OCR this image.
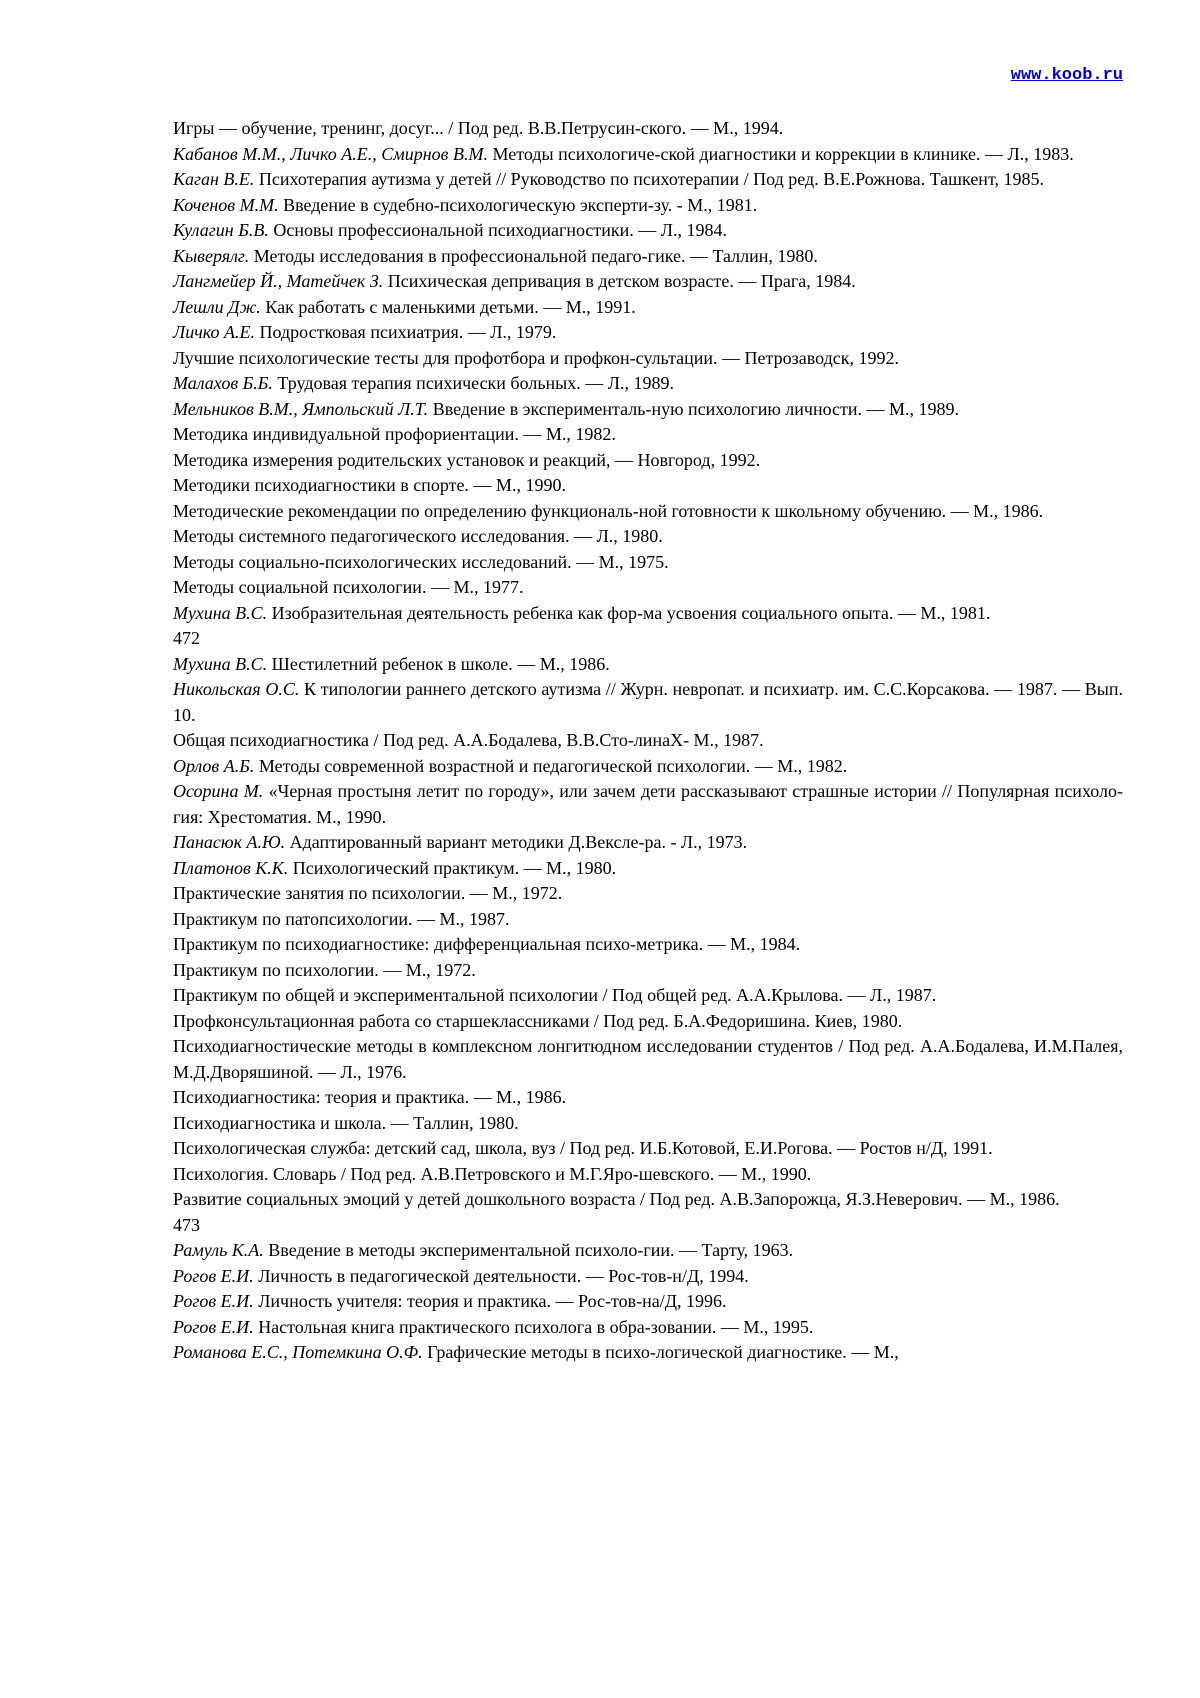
www.koob.ru

Игры — обучение, тренинг, досуг... / Под ред. В.В.Петрусин-ского. — М., 1994.

Кабанов М.М., Личко А.Е., Смирнов В.М. Методы психологиче-ской диагностики и коррекции в клинике. — Л., 1983.

Каган В.Е. Психотерапия аутизма у детей // Руководство по психотерапии / Под ред. В.Е.Рожнова. Ташкент, 1985.

Коченов М.М. Введение в судебно-психологическую эксперти-зу. - М., 1981.

Кулагин Б.В. Основы профессиональной психодиагностики. — Л., 1984.

Кыверялг. Методы исследования в профессиональной педаго-гике. — Таллин, 1980.

Лангмейер Й., Матейчек З. Психическая депривация в детском возрасте. — Прага, 1984.

Лешли Дж. Как работать с маленькими детьми. — М., 1991.

Личко А.Е. Подростковая психиатрия. — Л., 1979.

Лучшие психологические тесты для профотбора и профкон-сультации. — Петрозаводск, 1992.

Малахов Б.Б. Трудовая терапия психически больных. — Л., 1989.

Мельников В.М., Ямпольский Л.Т. Введение в эксперименталь-ную психологию личности. — М., 1989.

Методика индивидуальной профориентации. — М., 1982.

Методика измерения родительских установок и реакций, — Новгород, 1992.

Методики психодиагностики в спорте. — М., 1990.

Методические рекомендации по определению функциональ-ной готовности к школьному обучению. — М., 1986.

Методы системного педагогического исследования. — Л., 1980.

Методы социально-психологических исследований. — М., 1975.

Методы социальной психологии. — М., 1977.

Мухина В.С. Изобразительная деятельность ребенка как фор-ма усвоения социального опыта. — М., 1981.

472

Мухина В.С. Шестилетний ребенок в школе. — М., 1986.

Никольская О.С. К типологии раннего детского аутизма // Журн. невропат. и психиатр. им. С.С.Корсакова. — 1987. — Вып. 10.

Общая психодиагностика / Под ред. А.А.Бодалева, В.В.Сто-линаХ- М., 1987.

Орлов А.Б. Методы современной возрастной и педагогической психологии. — М., 1982.

Осорина М. «Черная простыня летит по городу», или зачем дети рассказывают страшные истории // Популярная психоло-гия: Хрестоматия. М., 1990.

Панасюк А.Ю. Адаптированный вариант методики Д.Векслe-ра. - Л., 1973.

Платонов К.К. Психологический практикум. — М., 1980.

Практические занятия по психологии. — М., 1972.

Практикум по патопсихологии. — М., 1987.

Практикум по психодиагностике: дифференциальная психо-метрика. — М., 1984.

Практикум по психологии. — М., 1972.

Практикум по общей и экспериментальной психологии / Под общей ред. А.А.Крылова. — Л., 1987.

Профконсультационная работа со старшеклассниками / Под ред. Б.А.Федоришина. Киев, 1980.

Психодиагностические методы в комплексном лонгитюдном исследовании студентов / Под ред. А.А.Бодалева, И.М.Палея, М.Д.Дворяшиной. — Л., 1976.

Психодиагностика: теория и практика. — М., 1986.

Психодиагностика и школа. — Таллин, 1980.

Психологическая служба: детский сад, школа, вуз / Под ред. И.Б.Котовой, Е.И.Рогова. — Ростов н/Д, 1991.

Психология. Словарь / Под ред. А.В.Петровского и М.Г.Яро-шевского. — М., 1990.

Развитие социальных эмоций у детей дошкольного возраста / Под ред. А.В.Запорожца, Я.З.Неверович. — М., 1986.

473

Рамуль К.А. Введение в методы экспериментальной психоло-гии. — Тарту, 1963.

Рогов Е.И. Личность в педагогической деятельности. — Рос-тов-н/Д, 1994.

Рогов Е.И. Личность учителя: теория и практика. — Рос-тов-на/Д, 1996.

Рогов Е.И. Настольная книга практического психолога в обра-зовании. — М., 1995.

Романова Е.С., Потемкина О.Ф. Графические методы в психо-логической диагностике. — М.,
